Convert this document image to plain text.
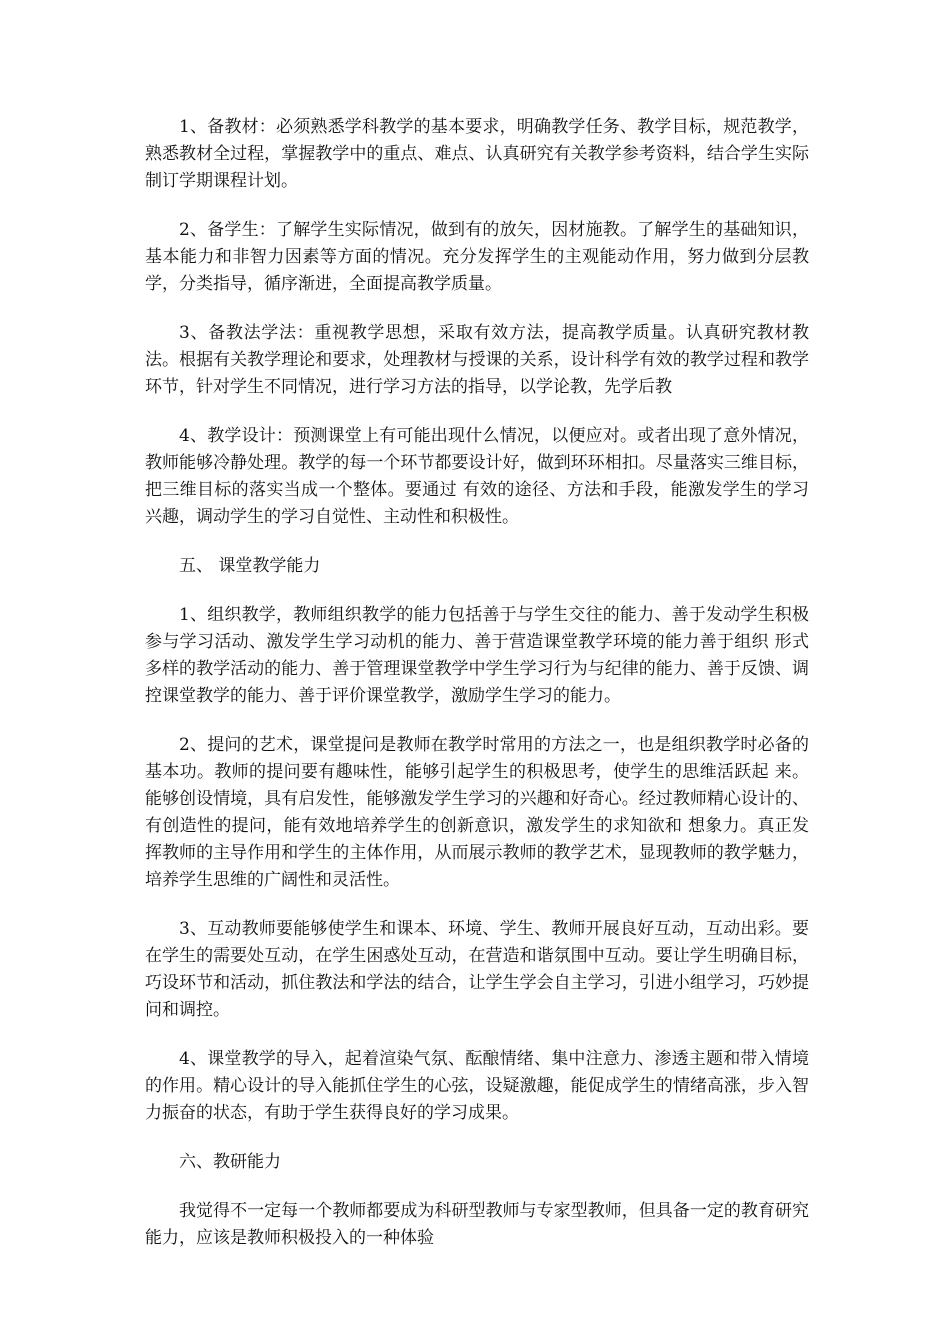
1、备教材：必须熟悉学科教学的基本要求，明确教学任务、教学目标，规范教学，熟悉教材全过程，掌握教学中的重点、难点、认真研究有关教学参考资料，结合学生实际制订学期课程计划。

2、备学生：了解学生实际情况，做到有的放矢，因材施教。了解学生的基础知识，基本能力和非智力因素等方面的情况。充分发挥学生的主观能动作用，努力做到分层教学，分类指导，循序渐进，全面提高教学质量。

3、备教法学法：重视教学思想，采取有效方法，提高教学质量。认真研究教材教法。根据有关教学理论和要求，处理教材与授课的关系，设计科学有效的教学过程和教学环节，针对学生不同情况，进行学习方法的指导，以学论教，先学后教

4、教学设计：预测课堂上有可能出现什么情况，以便应对。或者出现了意外情况，教师能够冷静处理。教学的每一个环节都要设计好，做到环环相扣。尽量落实三维目标，把三维目标的落实当成一个整体。要通过 有效的途径、方法和手段，能激发学生的学习兴趣，调动学生的学习自觉性、主动性和积极性。

五、 课堂教学能力

1、组织教学，教师组织教学的能力包括善于与学生交往的能力、善于发动学生积极参与学习活动、激发学生学习动机的能力、善于营造课堂教学环境的能力善于组织 形式多样的教学活动的能力、善于管理课堂教学中学生学习行为与纪律的能力、善于反馈、调控课堂教学的能力、善于评价课堂教学，激励学生学习的能力。

2、提问的艺术，课堂提问是教师在教学时常用的方法之一，也是组织教学时必备的基本功。教师的提问要有趣味性，能够引起学生的积极思考，使学生的思维活跃起 来。能够创设情境，具有启发性，能够激发学生学习的兴趣和好奇心。经过教师精心设计的、有创造性的提问，能有效地培养学生的创新意识，激发学生的求知欲和 想象力。真正发挥教师的主导作用和学生的主体作用，从而展示教师的教学艺术，显现教师的教学魅力，培养学生思维的广阔性和灵活性。

3、互动教师要能够使学生和课本、环境、学生、教师开展良好互动，互动出彩。要在学生的需要处互动，在学生困惑处互动，在营造和谐氛围中互动。要让学生明确目标，巧设环节和活动，抓住教法和学法的结合，让学生学会自主学习，引进小组学习，巧妙提问和调控。

4、课堂教学的导入，起着渲染气氛、酝酿情绪、集中注意力、渗透主题和带入情境的作用。精心设计的导入能抓住学生的心弦，设疑激趣，能促成学生的情绪高涨，步入智力振奋的状态，有助于学生获得良好的学习成果。

六、教研能力

我觉得不一定每一个教师都要成为科研型教师与专家型教师，但具备一定的教育研究能力，应该是教师积极投入的一种体验
